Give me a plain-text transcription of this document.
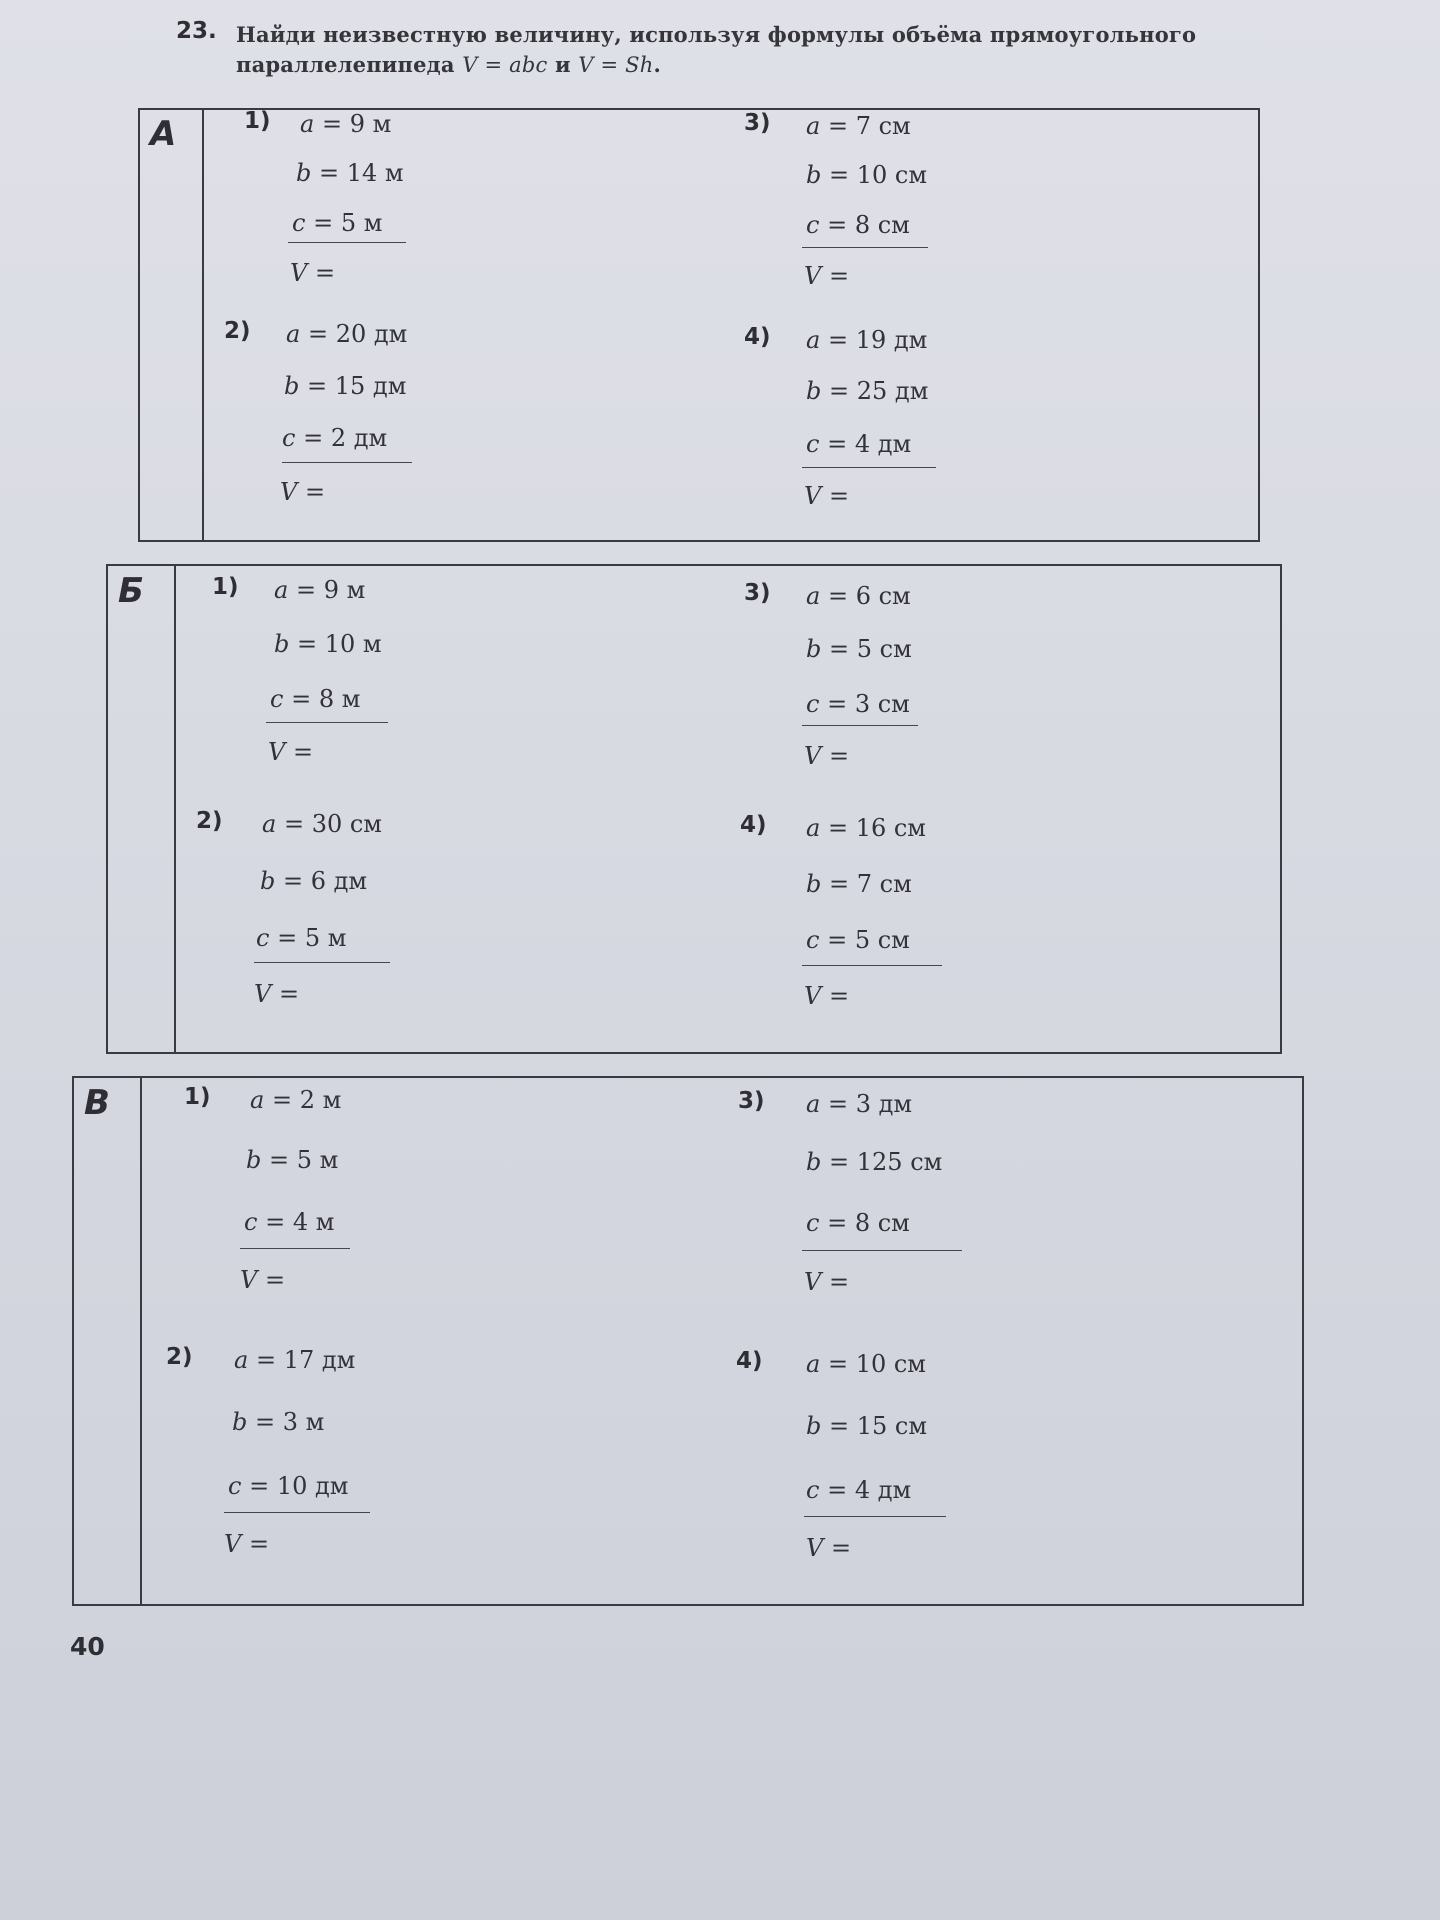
23. Найди неизвестную величину, используя формулы объёма прямоугольного
параллелепипеда V = abc и V = Sh.
А
Б
В
1) a = 9 м
b = 14 м
c = 5 м
V =
2) a = 20 дм
b = 15 дм
c = 2 дм
V =
3) a = 7 см
b = 10 см
c = 8 см
V =
4) a = 19 дм
b = 25 дм
c = 4 дм
V =
1) a = 9 м
b = 10 м
c = 8 м
V =
2) a = 30 см
b = 6 дм
c = 5 м
V =
3) a = 6 см
b = 5 см
c = 3 см
V =
4) a = 16 см
b = 7 см
c = 5 см
V =
1) a = 2 м
b = 5 м
c = 4 м
V =
2) a = 17 дм
b = 3 м
c = 10 дм
V =
3) a = 3 дм
b = 125 см
c = 8 см
V =
4) a = 10 см
b = 15 см
c = 4 дм
V =
40
